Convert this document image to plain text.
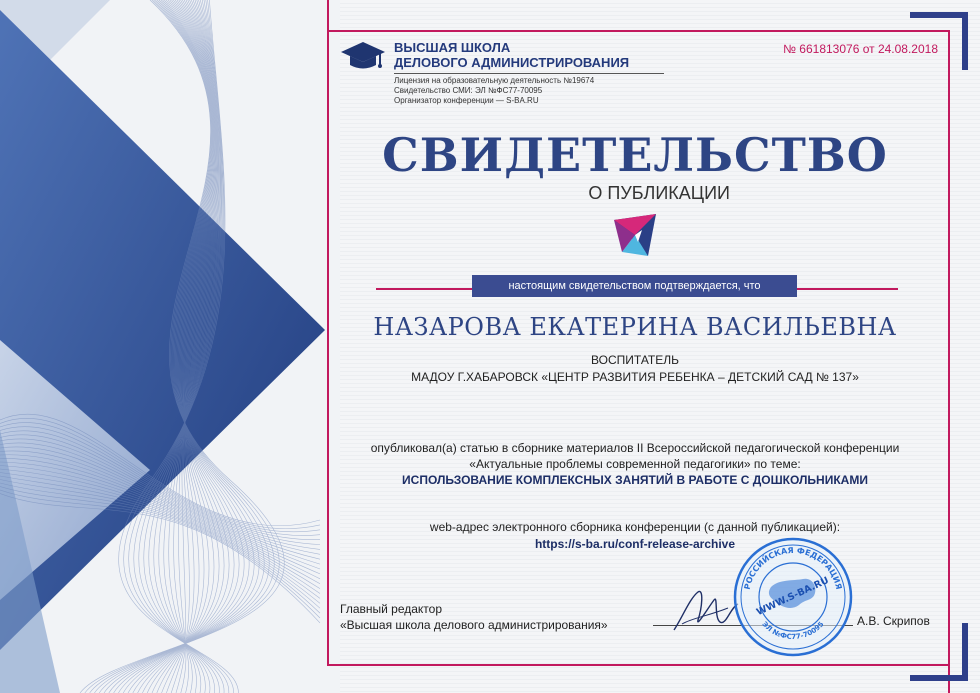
ВЫСШАЯ ШКОЛА
ДЕЛОВОГО АДМИНИСТРИРОВАНИЯ
Лицензия на образовательную деятельность №19674
Свидетельство СМИ: ЭЛ №ФС77-70095
Организатор конференции — S-BA.RU
№ 661813076 от 24.08.2018
СВИДЕТЕЛЬСТВО
О ПУБЛИКАЦИИ
настоящим свидетельством подтверждается, что
НАЗАРОВА ЕКАТЕРИНА ВАСИЛЬЕВНА
ВОСПИТАТЕЛЬ
МАДОУ Г.ХАБАРОВСК «ЦЕНТР РАЗВИТИЯ РЕБЕНКА – ДЕТСКИЙ САД № 137»
опубликовал(а) статью в сборнике материалов II Всероссийской педагогической конференции
«Актуальные проблемы современной педагогики» по теме:
ИСПОЛЬЗОВАНИЕ КОМПЛЕКСНЫХ ЗАНЯТИЙ В РАБОТЕ С ДОШКОЛЬНИКАМИ
web-адрес электронного сборника конференции (с данной публикацией):
https://s-ba.ru/conf-release-archive
Главный редактор
«Высшая школа делового администрирования»	А.В. Скрипов
РОССИЙСКАЯ ФЕДЕРАЦИЯ
ЭЛ №ФС77-70095
WWW.S-BA.RU
